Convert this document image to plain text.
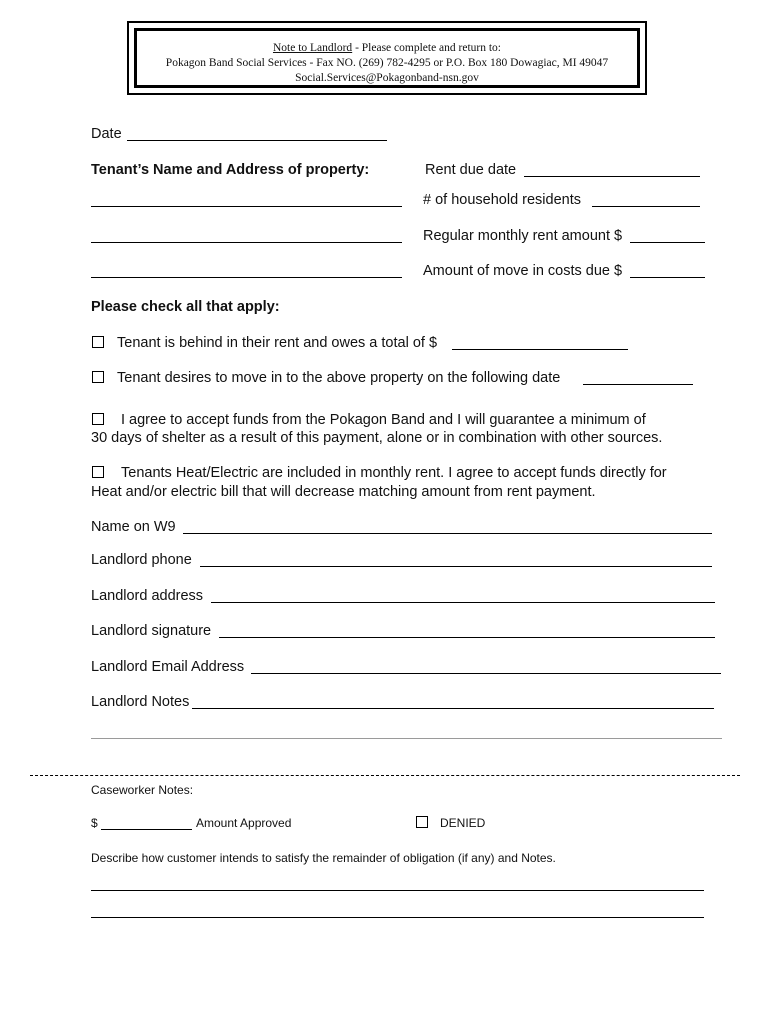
Note to Landlord - Please complete and return to:
Pokagon Band Social Services - Fax NO. (269) 782-4295 or P.O. Box 180 Dowagiac, MI 49047
Social.Services@Pokagonband-nsn.gov
Date
Tenant’s Name and Address of property:	Rent due date
# of household residents
Regular monthly rent amount $
Amount of move in costs due $
Please check all that apply:
Tenant is behind in their rent and owes a total of $
Tenant desires to move in to the above property on the following date
I agree to accept funds from the Pokagon Band and I will guarantee a minimum of
30 days of shelter as a result of this payment, alone or in combination with other sources.
Tenants Heat/Electric are included in monthly rent. I agree to accept funds directly for
Heat and/or electric bill that will decrease matching amount from rent payment.
Name on W9
Landlord phone
Landlord address
Landlord signature
Landlord Email Address
Landlord Notes
Caseworker Notes:
$	Amount Approved	DENIED
Describe how customer intends to satisfy the remainder of obligation (if any) and Notes.
